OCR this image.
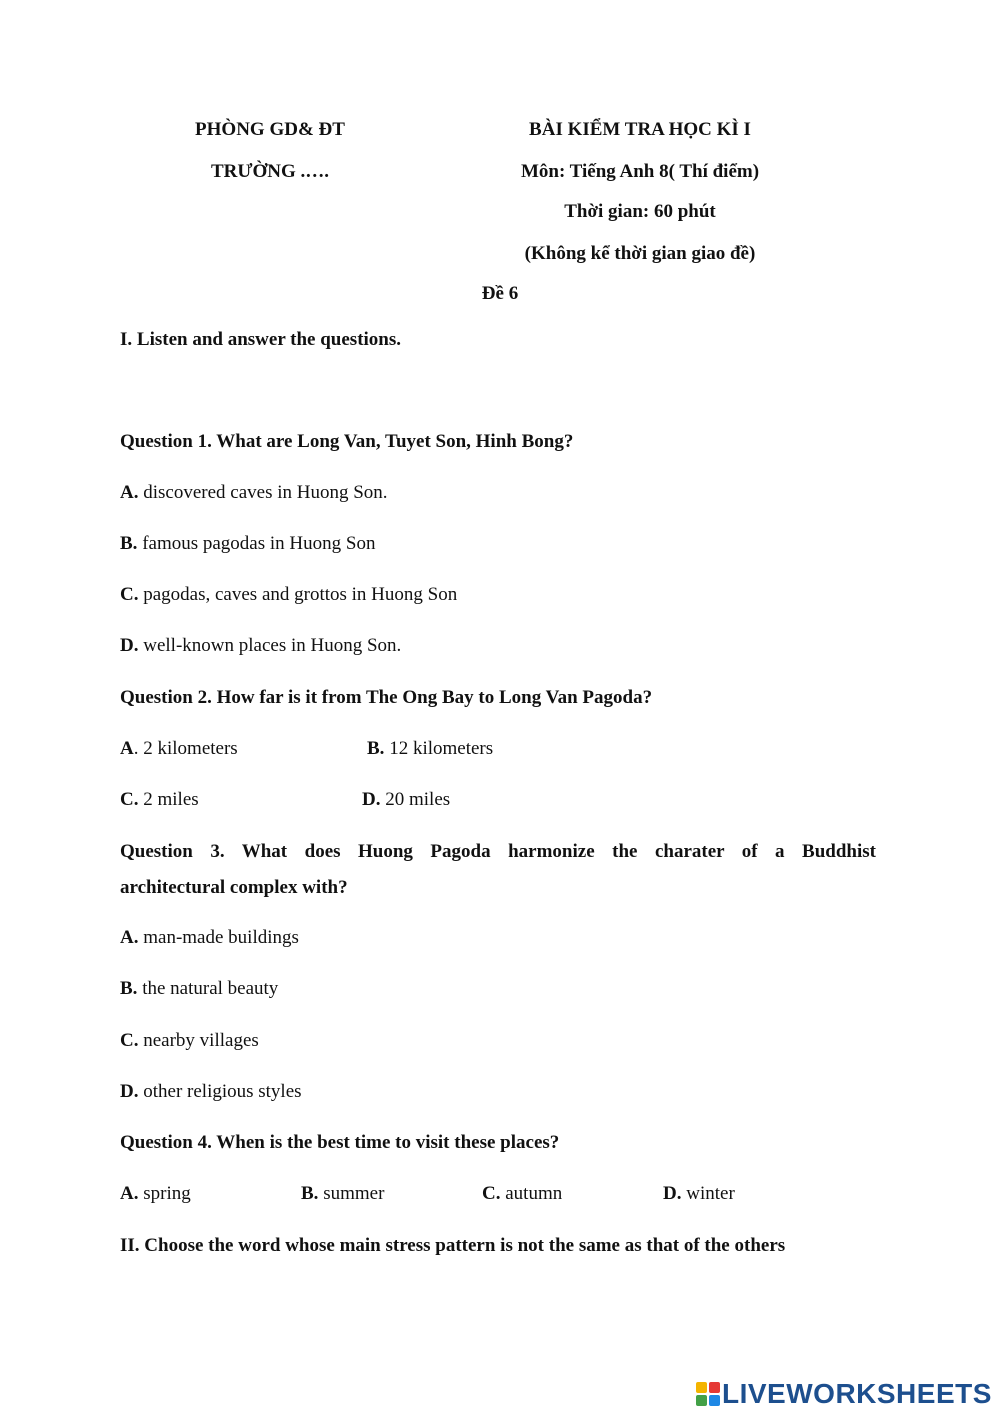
PHÒNG GD& ĐT
TRƯỜNG .….
BÀI KIỂM TRA HỌC KÌ I
Môn: Tiếng Anh 8( Thí điểm)
Thời gian: 60 phút
(Không kể thời gian giao đề)
Đề 6
I. Listen and answer the questions.
Question 1. What are Long Van, Tuyet Son, Hinh Bong?
A. discovered caves in Huong Son.
B. famous pagodas in Huong Son
C. pagodas, caves and grottos in Huong Son
D. well-known places in Huong Son.
Question 2. How far is it from The Ong Bay to Long Van Pagoda?
A. 2 kilometers	B. 12 kilometers
C. 2 miles	D. 20 miles
Question 3. What does Huong Pagoda harmonize the charater of a Buddhist
architectural complex with?
A. man-made buildings
B. the natural beauty
C. nearby villages
D. other religious styles
Question 4. When is the best time to visit these places?
A. spring	B. summer	C. autumn	D. winter
II. Choose the word whose main stress pattern is not the same as that of the others
LIVEWORKSHEETS
